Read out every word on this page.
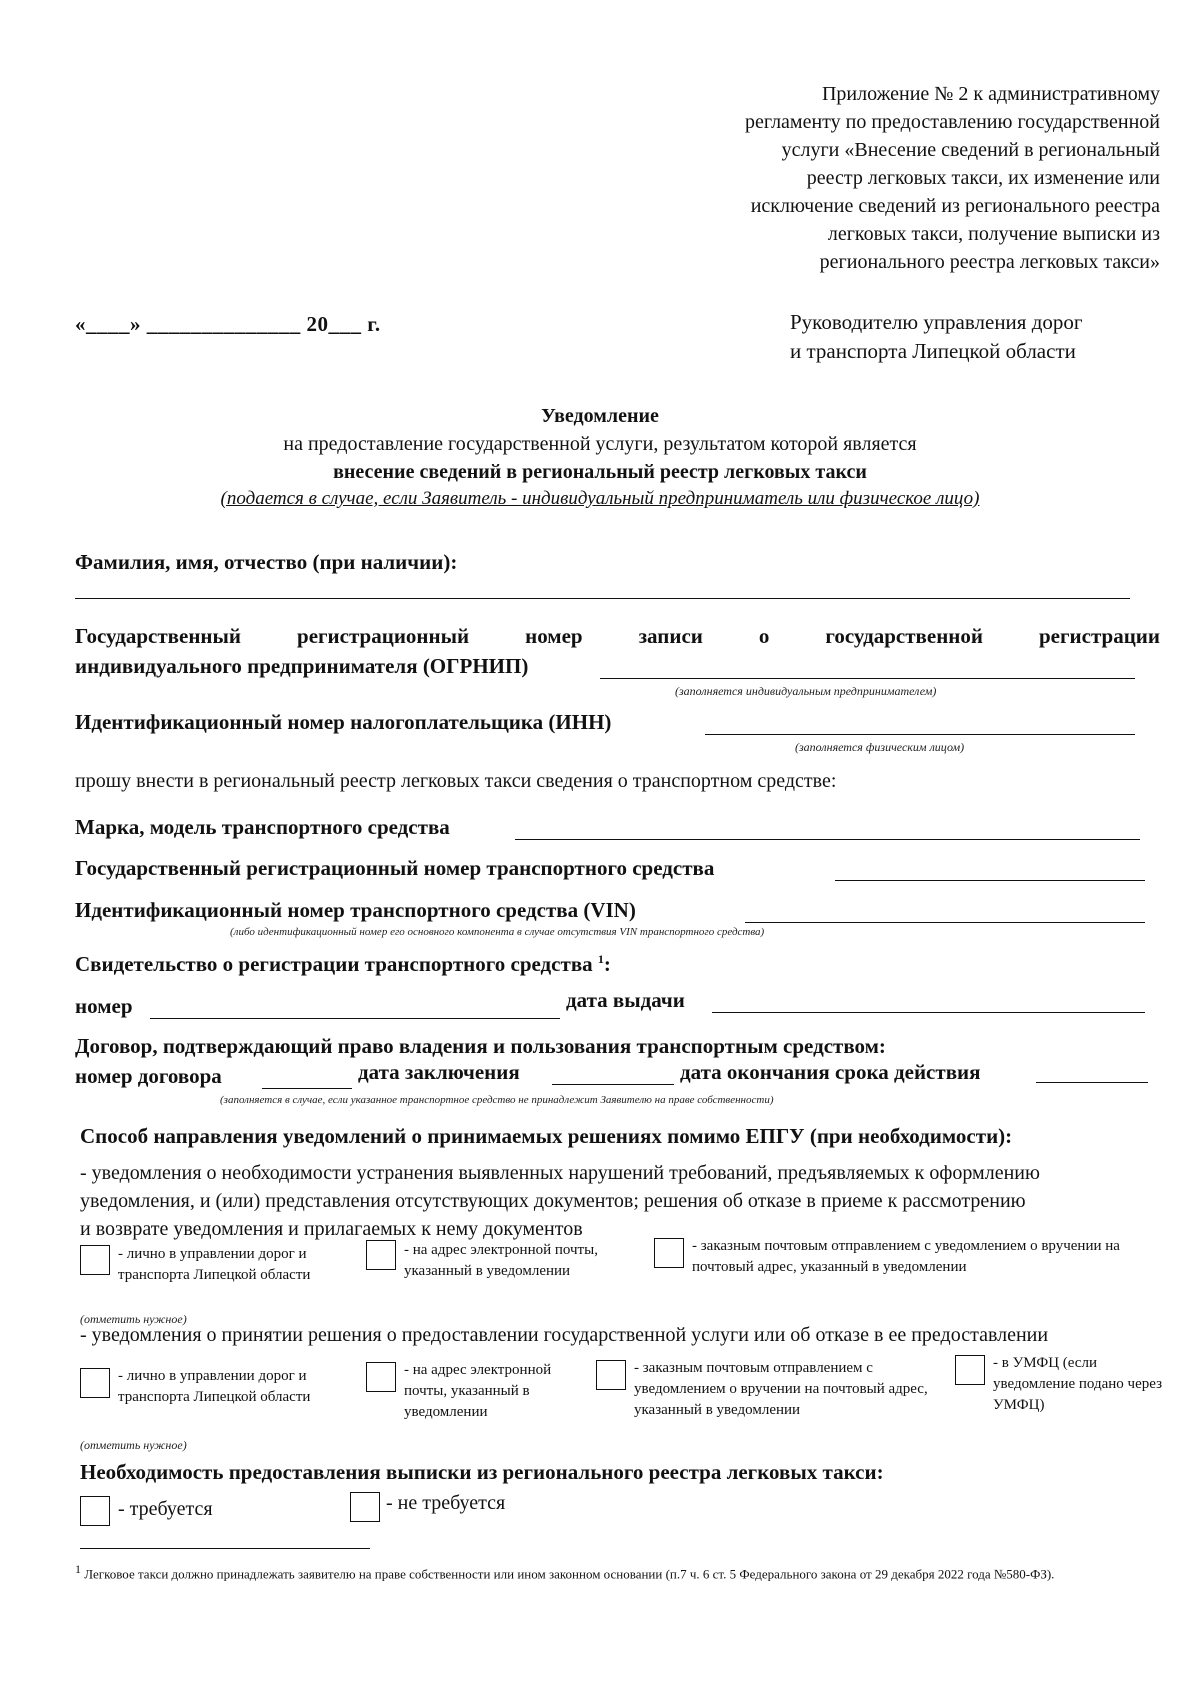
Приложение № 2 к административному
регламенту по предоставлению государственной
услуги «Внесение сведений в региональный
реестр легковых такси, их изменение или
исключение сведений из регионального реестра
легковых такси, получение выписки из
регионального реестра легковых такси»
«____» ______________ 20___ г.	Руководителю управления дорог
и транспорта Липецкой области
Уведомление
на предоставление государственной услуги, результатом которой является
внесение сведений в региональный реестр легковых такси
(подается в случае, если Заявитель - индивидуальный предприниматель или физическое лицо)
Фамилия, имя, отчество (при наличии):
Государственный регистрационный номер записи о государственной регистрации
индивидуального предпринимателя (ОГРНИП)
(заполняется индивидуальным предпринимателем)
Идентификационный номер налогоплательщика (ИНН)
(заполняется физическим лицом)
прошу внести в региональный реестр легковых такси сведения о транспортном средстве:
Марка, модель транспортного средства
Государственный регистрационный номер транспортного средства
Идентификационный номер транспортного средства (VIN)
(либо идентификационный номер его основного компонента в случае отсутствия VIN транспортного средства)
Свидетельство о регистрации транспортного средства $^1$:
номер	дата выдачи
Договор, подтверждающий право владения и пользования транспортным средством:
номер договора	дата заключения	дата окончания срока действия
(заполняется в случае, если указанное транспортное средство не принадлежит Заявителю на праве собственности)
Способ направления уведомлений о принимаемых решениях помимо ЕПГУ (при необходимости):
- уведомления о необходимости устранения выявленных нарушений требований, предъявляемых к оформлению
уведомления, и (или) представления отсутствующих документов; решения об отказе в приеме к рассмотрению
и возврате уведомления и прилагаемых к нему документов
- лично в управлении дорог и транспорта Липецкой области
- на адрес электронной почты, указанный в уведомлении
- заказным почтовым отправлением с уведомлением о вручении на почтовый адрес, указанный в уведомлении
(отметить нужное)
- уведомления о принятии решения о предоставлении государственной услуги или об отказе в ее предоставлении
- лично в управлении дорог и транспорта Липецкой области
- на адрес электронной почты, указанный в уведомлении
- заказным почтовым отправлением с уведомлением о вручении на почтовый адрес, указанный в уведомлении
- в УМФЦ (если уведомление подано через УМФЦ)
(отметить нужное)
Необходимость предоставления выписки из регионального реестра легковых такси:
- требуется	- не требуется
$^1$ Легковое такси должно принадлежать заявителю на праве собственности или ином законном основании (п.7 ч. 6 ст. 5 Федерального закона от 29 декабря 2022 года №580-ФЗ).
